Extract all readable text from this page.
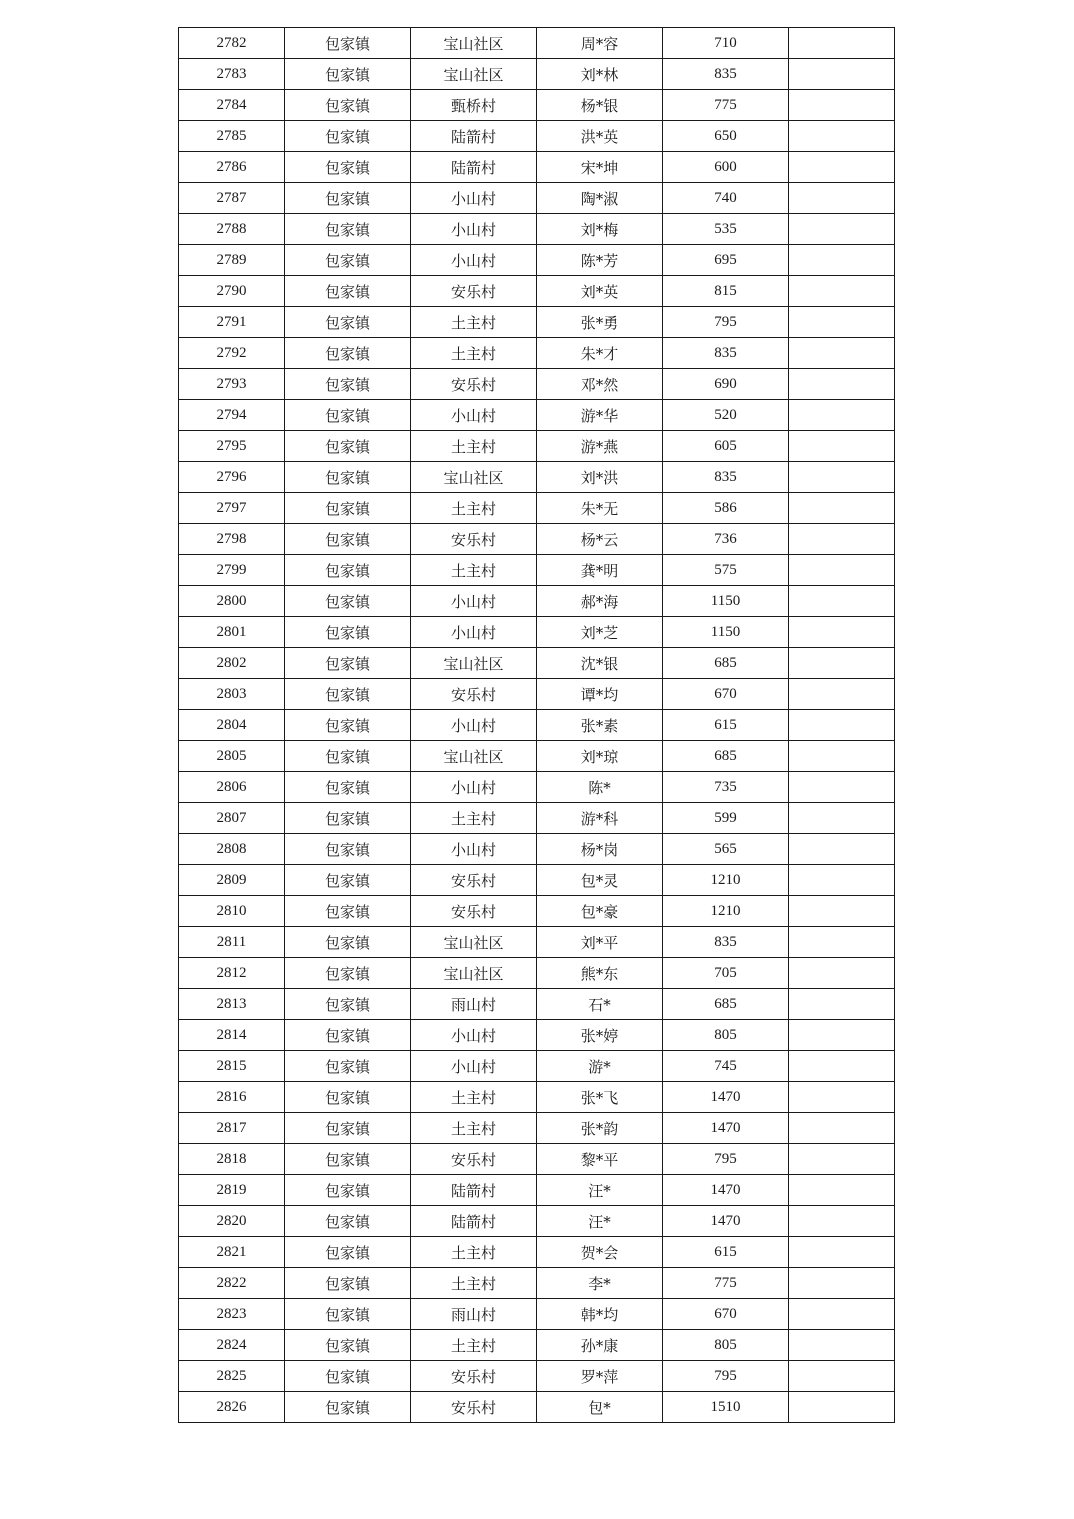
2782	包家镇	宝山社区	周*容	710	
2783	包家镇	宝山社区	刘*林	835	
2784	包家镇	甄桥村	杨*银	775	
2785	包家镇	陆箭村	洪*英	650	
2786	包家镇	陆箭村	宋*坤	600	
2787	包家镇	小山村	陶*淑	740	
2788	包家镇	小山村	刘*梅	535	
2789	包家镇	小山村	陈*芳	695	
2790	包家镇	安乐村	刘*英	815	
2791	包家镇	土主村	张*勇	795	
2792	包家镇	土主村	朱*才	835	
2793	包家镇	安乐村	邓*然	690	
2794	包家镇	小山村	游*华	520	
2795	包家镇	土主村	游*燕	605	
2796	包家镇	宝山社区	刘*洪	835	
2797	包家镇	土主村	朱*无	586	
2798	包家镇	安乐村	杨*云	736	
2799	包家镇	土主村	龚*明	575	
2800	包家镇	小山村	郝*海	1150	
2801	包家镇	小山村	刘*芝	1150	
2802	包家镇	宝山社区	沈*银	685	
2803	包家镇	安乐村	谭*均	670	
2804	包家镇	小山村	张*素	615	
2805	包家镇	宝山社区	刘*琼	685	
2806	包家镇	小山村	陈*	735	
2807	包家镇	土主村	游*科	599	
2808	包家镇	小山村	杨*岗	565	
2809	包家镇	安乐村	包*灵	1210	
2810	包家镇	安乐村	包*豪	1210	
2811	包家镇	宝山社区	刘*平	835	
2812	包家镇	宝山社区	熊*东	705	
2813	包家镇	雨山村	石*	685	
2814	包家镇	小山村	张*婷	805	
2815	包家镇	小山村	游*	745	
2816	包家镇	土主村	张*飞	1470	
2817	包家镇	土主村	张*韵	1470	
2818	包家镇	安乐村	黎*平	795	
2819	包家镇	陆箭村	汪*	1470	
2820	包家镇	陆箭村	汪*	1470	
2821	包家镇	土主村	贺*会	615	
2822	包家镇	土主村	李*	775	
2823	包家镇	雨山村	韩*均	670	
2824	包家镇	土主村	孙*康	805	
2825	包家镇	安乐村	罗*萍	795	
2826	包家镇	安乐村	包*	1510	
